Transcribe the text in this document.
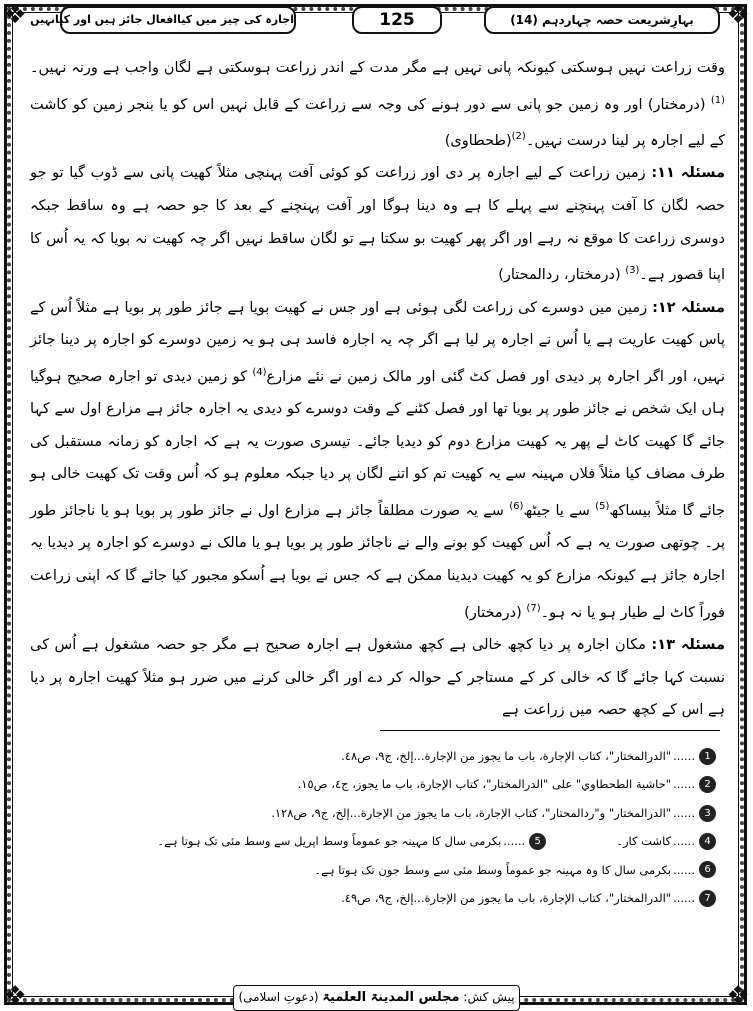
❖	❖
❖	❖
اجارہ کی چیز میں کیاافعال جائز ہیں اور کیانہیں	125	بہارِشریعت حصہ چہاردہم (14)

وقت زراعت نہیں ہوسکتی کیونکہ پانی نہیں ہے مگر مدت کے اندر زراعت ہوسکتی ہے لگان واجب ہے ورنہ نہیں۔$^{(1)}$ (درمختار) اور وہ زمین جو پانی سے دور ہونے کی وجہ سے زراعت کے قابل نہیں اس کو یا بنجر زمین کو کاشت کے لیے اجارہ پر لینا درست نہیں۔$^{(2)}$(طحطاوی)

مسئلہ ۱۱: زمین زراعت کے لیے اجارہ پر دی اور زراعت کو کوئی آفت پہنچی مثلاً کھیت پانی سے ڈوب گیا تو جو حصہ لگان کا آفت پہنچنے سے پہلے کا ہے وہ دینا ہوگا اور آفت پہنچنے کے بعد کا جو حصہ ہے وہ ساقط جبکہ دوسری زراعت کا موقع نہ رہے اور اگر پھر کھیت بو سکتا ہے تو لگان ساقط نہیں اگر چہ کھیت نہ بویا کہ یہ اُس کا اپنا قصور ہے۔$^{(3)}$ (درمختار، ردالمحتار)

مسئلہ ۱۲: زمین میں دوسرے کی زراعت لگی ہوئی ہے اور جس نے کھیت بویا ہے جائز طور پر بویا ہے مثلاً اُس کے پاس کھیت عاریت ہے یا اُس نے اجارہ پر لیا ہے اگر چہ یہ اجارہ فاسد ہی ہو یہ زمین دوسرے کو اجارہ پر دینا جائز نہیں، اور اگر اجارہ پر دیدی اور فصل کٹ گئی اور مالک زمین نے نئے مزارع$^{(4)}$ کو زمین دیدی تو اجارہ صحیح ہوگیا ہاں ایک شخص نے جائز طور پر بویا تھا اور فصل کٹنے کے وقت دوسرے کو دیدی یہ اجارہ جائز ہے مزارع اول سے کہا جائے گا کھیت کاٹ لے پھر یہ کھیت مزارع دوم کو دیدیا جائے۔ تیسری صورت یہ ہے کہ اجارہ کو زمانہ مستقبل کی طرف مضاف کیا مثلاً فلاں مہینہ سے یہ کھیت تم کو اتنے لگان پر دیا جبکہ معلوم ہو کہ اُس وقت تک کھیت خالی ہو جائے گا مثلاً بیساکھ$^{(5)}$ سے یا جیٹھ$^{(6)}$ سے یہ صورت مطلقاً جائز ہے مزارع اول نے جائز طور پر بویا ہو یا ناجائز طور پر۔ چوتھی صورت یہ ہے کہ اُس کھیت کو بونے والے نے ناجائز طور پر بویا ہو یا مالک نے دوسرے کو اجارہ پر دیدیا یہ اجارہ جائز ہے کیونکہ مزارع کو یہ کھیت دیدینا ممکن ہے کہ جس نے بویا ہے اُسکو مجبور کیا جائے گا کہ اپنی زراعت فوراً کاٹ لے طیار ہو یا نہ ہو۔$^{(7)}$ (درمختار)

مسئلہ ۱۳: مکان اجارہ پر دیا کچھ خالی ہے کچھ مشغول ہے اجارہ صحیح ہے مگر جو حصہ مشغول ہے اُس کی نسبت کہا جائے گا کہ خالی کر کے مستاجر کے حوالہ کر دے اور اگر خالی کرنے میں ضرر ہو مثلاً کھیت اجارہ پر دیا ہے اس کے کچھ حصہ میں زراعت ہے

1
......
"الدرالمختار"، كتاب الإجارة، باب ما يجوز من الإجارة...إلخ، ج٩، ص٤٨.
2
......
"حاشية الطحطاوي" على "الدرالمختار"، كتاب الإجارة، باب ما يجوز، ج٤، ص١٥.
3
......
"الدرالمختار" و"ردالمحتار"، كتاب الإجارة، باب ما يجوز من الإجارة...إلخ، ج٩، ص١٢٨.
4
......
كاشت كار۔
5
......
بکرمی سال کا مہینہ جو عموماً وسط اپریل سے وسط مئی تک ہوتا ہے۔
6
......
بکرمی سال کا وہ مہینہ جو عموماً وسط مئی سے وسط جون تک ہوتا ہے۔
7
......
"الدرالمختار"، كتاب الإجارة، باب ما يجوز من الإجارة...إلخ، ج٩، ص٤٩.
پیش کش: مجلس المدینۃ العلمیۃ (دعوتِ اسلامی)
